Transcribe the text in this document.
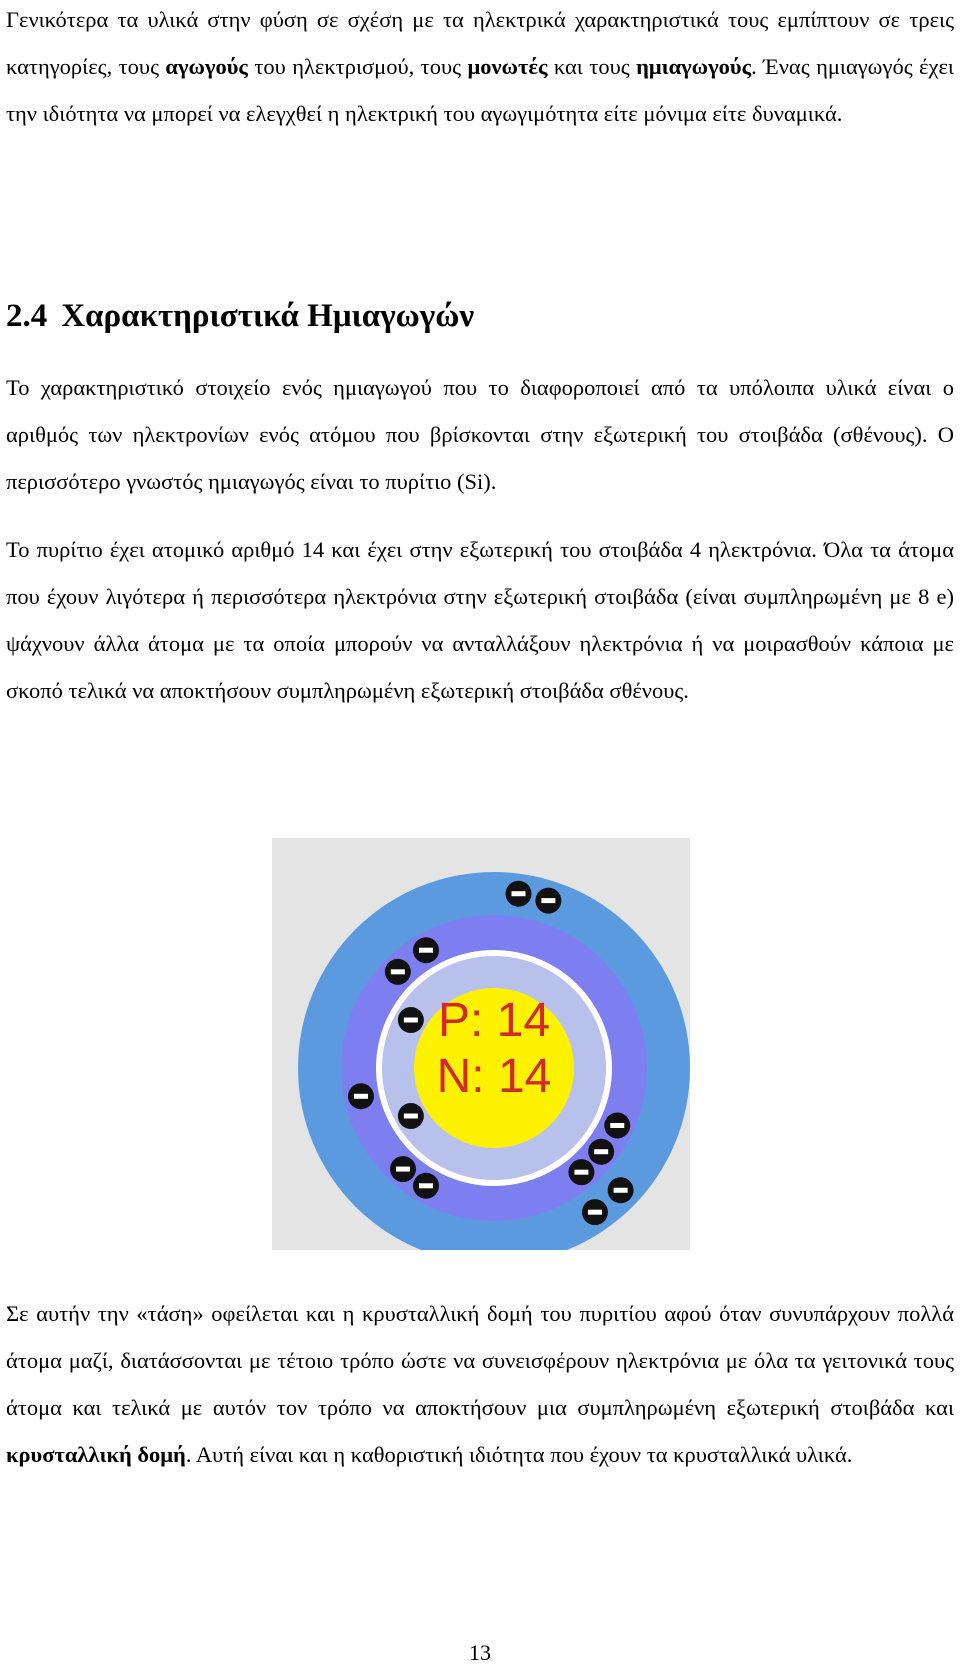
Γενικότερα τα υλικά στην φύση σε σχέση με τα ηλεκτρικά χαρακτηριστικά τους εμπίπτουν σε τρεις κατηγορίες, τους αγωγούς του ηλεκτρισμού, τους μονωτές και τους ημιαγωγούς. Ένας ημιαγωγός έχει την ιδιότητα να μπορεί να ελεγχθεί η ηλεκτρική του αγωγιμότητα είτε μόνιμα είτε δυναμικά.

2.4 Χαρακτηριστικά Ημιαγωγών

Το χαρακτηριστικό στοιχείο ενός ημιαγωγού που το διαφοροποιεί από τα υπόλοιπα υλικά είναι ο αριθμός των ηλεκτρονίων ενός ατόμου που βρίσκονται στην εξωτερική του στοιβάδα (σθένους). Ο περισσότερο γνωστός ημιαγωγός είναι το πυρίτιο (Si).

Το πυρίτιο έχει ατομικό αριθμό 14 και έχει στην εξωτερική του στοιβάδα 4 ηλεκτρόνια. Όλα τα άτομα που έχουν λιγότερα ή περισσότερα ηλεκτρόνια στην εξωτερική στοιβάδα (είναι συμπληρωμένη με 8 e) ψάχνουν άλλα άτομα με τα οποία μπορούν να ανταλλάξουν ηλεκτρόνια ή να μοιρασθούν κάποια με σκοπό τελικά να αποκτήσουν συμπληρωμένη εξωτερική στοιβάδα σθένους.

P: 14
N: 14

Σε αυτήν την «τάση» οφείλεται και η κρυσταλλική δομή του πυριτίου αφού όταν συνυπάρχουν πολλά άτομα μαζί, διατάσσονται με τέτοιο τρόπο ώστε να συνεισφέρουν ηλεκτρόνια με όλα τα γειτονικά τους άτομα και τελικά με αυτόν τον τρόπο να αποκτήσουν μια συμπληρωμένη εξωτερική στοιβάδα και κρυσταλλική δομή. Αυτή είναι και η καθοριστική ιδιότητα που έχουν τα κρυσταλλικά υλικά.

13
